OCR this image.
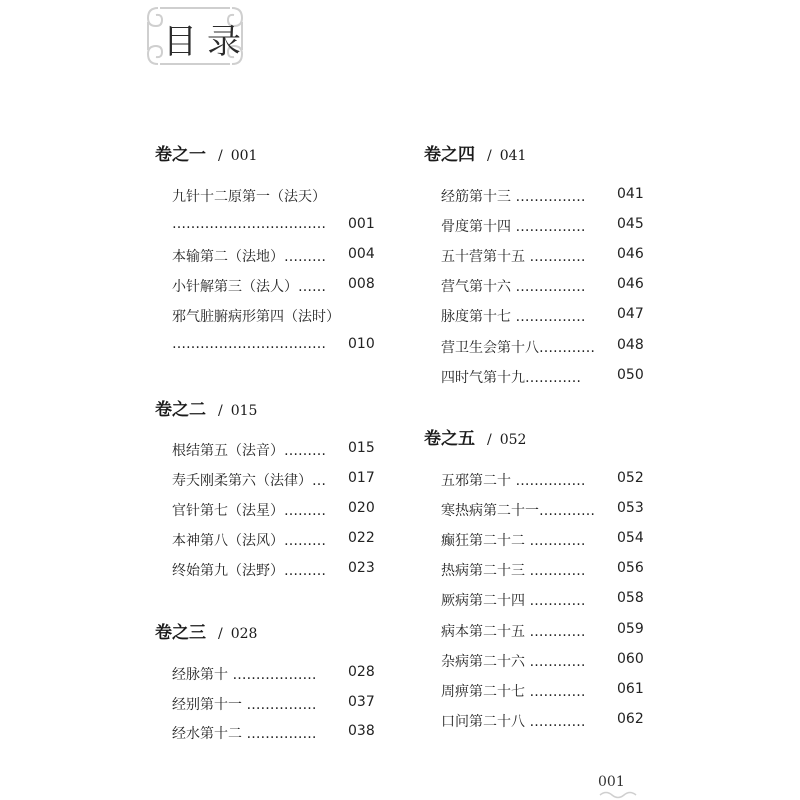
目录
卷之一 / 001
九针十二原第一（法天）
…………………………… 001
本输第二（法地）……… 004
小针解第三（法人）…… 008
邪气脏腑病形第四（法时）
…………………………… 010
卷之二 / 015
根结第五（法音）……… 015
寿夭刚柔第六（法律）… 017
官针第七（法星）……… 020
本神第八（法风）……… 022
终始第九（法野）……… 023
卷之三 / 028
经脉第十 ……………… 028
经别第十一 …………… 037
经水第十二 …………… 038
卷之四 / 041
经筋第十三 …………… 041
骨度第十四 …………… 045
五十营第十五 ………… 046
营气第十六 …………… 046
脉度第十七 …………… 047
营卫生会第十八………… 048
四时气第十九…………	050
卷之五 / 052
五邪第二十 …………… 052
寒热病第二十一………… 053
癫狂第二十二 ………… 054
热病第二十三 ………… 056
厥病第二十四 ………… 058
病本第二十五 ………… 059
杂病第二十六 ………… 060
周痹第二十七 ………… 061
口问第二十八 ………… 062
001
